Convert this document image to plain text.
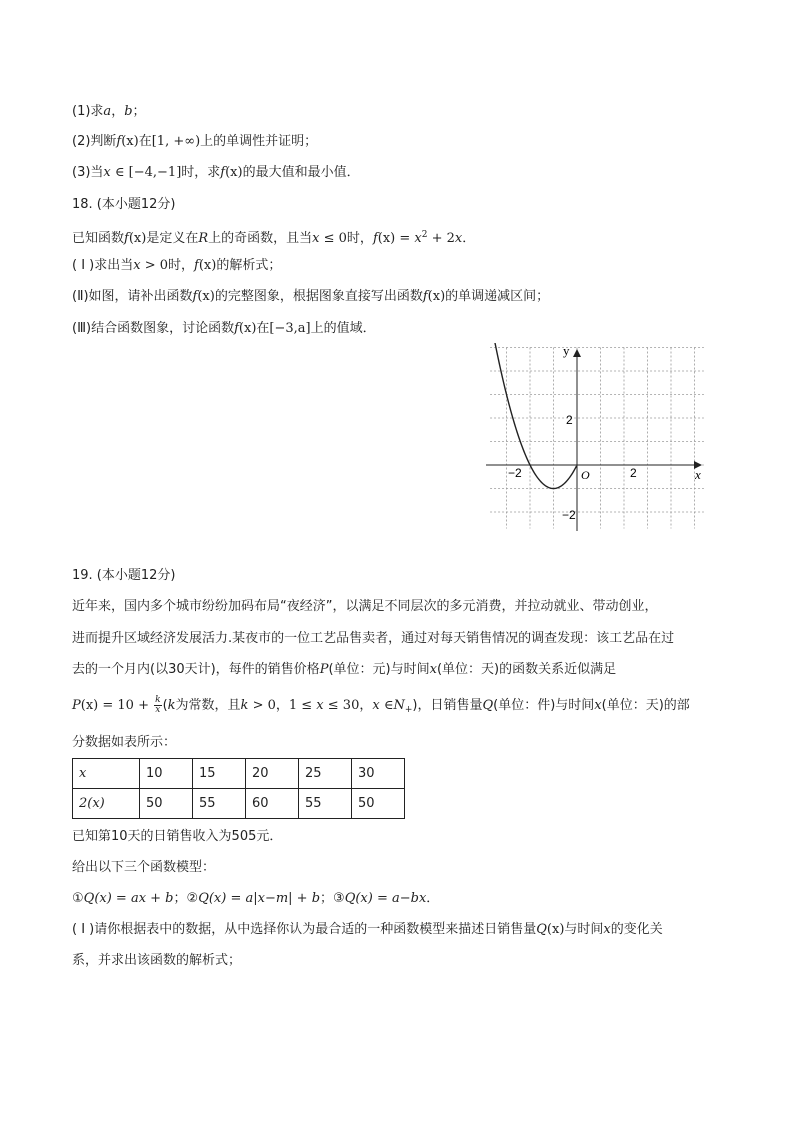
(1)求a，b；
(2)判断f(x)在[1, +∞)上的单调性并证明；
(3)当x ∈ [−4,−1]时，求f(x)的最大值和最小值．
18. (本小题12分)
已知函数f(x)是定义在R上的奇函数，且当x ≤ 0时，$f(x) = x^2 + 2x$．
( Ⅰ )求出当x > 0时，f(x)的解析式；
(Ⅱ)如图，请补出函数f(x)的完整图象，根据图象直接写出函数f(x)的单调递减区间；
(Ⅲ)结合函数图象，讨论函数f(x)在[−3,a]上的值域．
y
x
O
2
−2
2
−2
19. (本小题12分)
近年来，国内多个城市纷纷加码布局“夜经济”，以满足不同层次的多元消费，并拉动就业、带动创业，
进而提升区域经济发展活力.某夜市的一位工艺品售卖者，通过对每天销售情况的调查发现：该工艺品在过
去的一个月内(以30天计)，每件的销售价格P(单位：元)与时间x(单位：天)的函数关系近似满足
$P(x) = 10 + \frac{k}{x} (k$为常数，且k > 0，1 ≤ x ≤ 30，x $\in N_+$)，日销售量Q(单位：件)与时间x(单位：天)的部
分数据如表所示：
x	10	15	20	25	30
2(x)	50	55	60	55	50
已知第10天的日销售收入为505元．
给出以下三个函数模型：
①Q(x) = ax + b；②Q(x) = a|x−m| + b；③Q(x) = a−bx．
( Ⅰ )请你根据表中的数据，从中选择你认为最合适的一种函数模型来描述日销售量Q(x)与时间x的变化关
系，并求出该函数的解析式；
